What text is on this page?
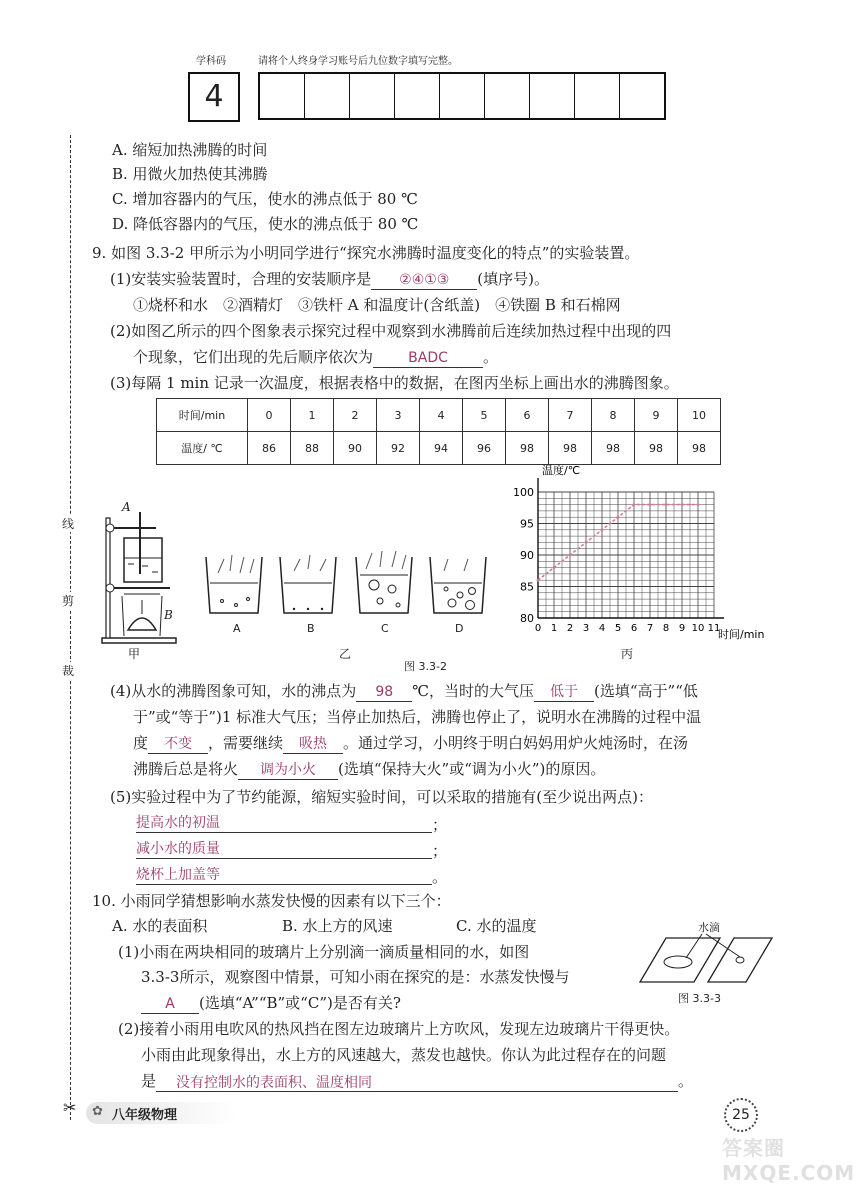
学科码	请将个人终身学习账号后九位数字填写完整。
4
线
剪
裁
✂
A. 缩短加热沸腾的时间
B. 用微火加热使其沸腾
C. 增加容器内的气压，使水的沸点低于 80 ℃
D. 降低容器内的气压，使水的沸点低于 80 ℃
9. 如图 3.3-2 甲所示为小明同学进行“探究水沸腾时温度变化的特点”的实验装置。
(1)安装实验装置时，合理的安装顺序是 ②④①③ (填序号)。
①烧杯和水　②酒精灯　③铁杆 A 和温度计(含纸盖)　④铁圈 B 和石棉网
(2)如图乙所示的四个图象表示探究过程中观察到水沸腾前后连续加热过程中出现的四
个现象，它们出现的先后顺序依次为	BADC 。
(3)每隔 1 min 记录一次温度，根据表格中的数据，在图丙坐标上画出水的沸腾图象。
时间/min	0	1	2	3	4	5	6	7	8	9	10
温度/ ℃	86	88	90	92	94	96	98	98	98	98	98
A
B
甲
A	B	C	D
乙
100
95
90
85
80
0 1 2 3 4 5 6 7 8 9 10 11
温度/℃
时间/min
丙
图 3.3-2
(4)从水的沸腾图象可知，水的沸点为 98 ℃，当时的大气压 低于 (选填“高于”“低
于”或“等于”)1 标准大气压；当停止加热后，沸腾也停止了，说明水在沸腾的过程中温
度 不变 ，需要继续 吸热 。通过学习，小明终于明白妈妈用炉火炖汤时，在汤
沸腾后总是将火 调为小火 (选填“保持大火”或“调为小火”)的原因。
(5)实验过程中为了节约能源，缩短实验时间，可以采取的措施有(至少说出两点)：
提高水的初温	；
减小水的质量	；
烧杯上加盖等	。
10. 小雨同学猜想影响水蒸发快慢的因素有以下三个：
A. 水的表面积	B. 水上方的风速	C. 水的温度
(1)小雨在两块相同的玻璃片上分别滴一滴质量相同的水，如图
3.3-3所示，观察图中情景，可知小雨在探究的是：水蒸发快慢与
A (选填“A”“B”或“C”)是否有关?
水滴
图 3.3-3
(2)接着小雨用电吹风的热风挡在图左边玻璃片上方吹风，发现左边玻璃片干得更快。
小雨由此现象得出，水上方的风速越大，蒸发也越快。你认为此过程存在的问题
是 没有控制水的表面积、温度相同	。
✿ 八年级物理	25
答案圈 MXQE.COM
